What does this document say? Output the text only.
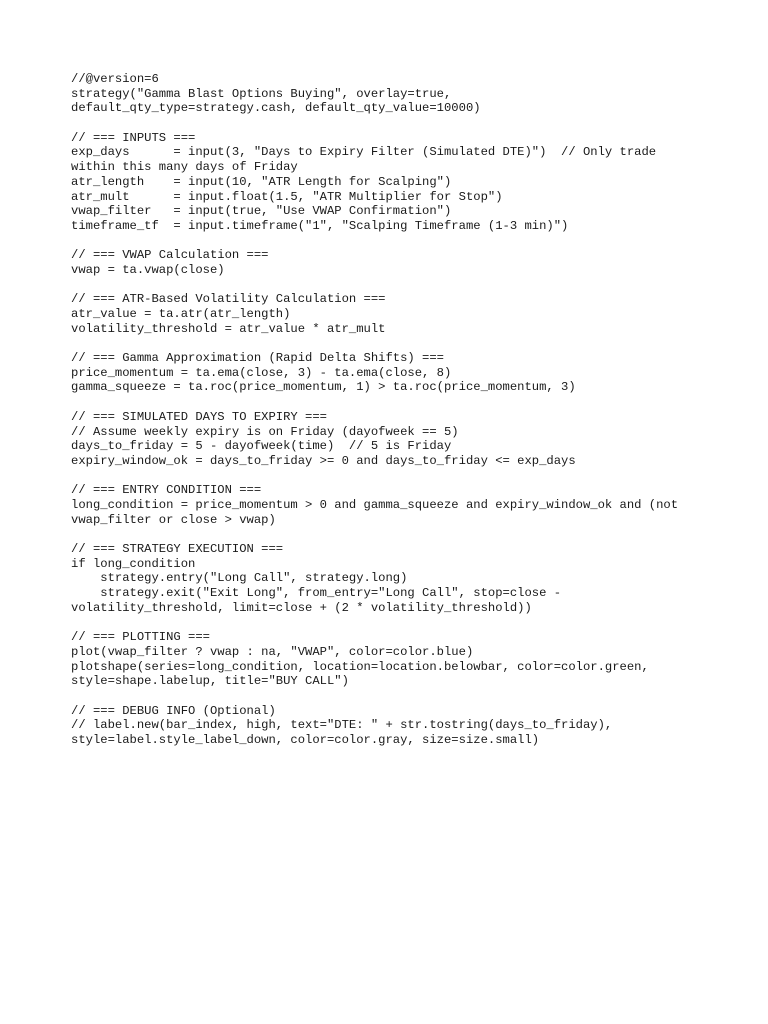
//@version=6
strategy("Gamma Blast Options Buying", overlay=true,
default_qty_type=strategy.cash, default_qty_value=10000)
// === INPUTS ===
exp_days      = input(3, "Days to Expiry Filter (Simulated DTE)")  // Only trade
within this many days of Friday
atr_length    = input(10, "ATR Length for Scalping")
atr_mult      = input.float(1.5, "ATR Multiplier for Stop")
vwap_filter   = input(true, "Use VWAP Confirmation")
timeframe_tf  = input.timeframe("1", "Scalping Timeframe (1-3 min)")
// === VWAP Calculation ===
vwap = ta.vwap(close)
// === ATR-Based Volatility Calculation ===
atr_value = ta.atr(atr_length)
volatility_threshold = atr_value * atr_mult
// === Gamma Approximation (Rapid Delta Shifts) ===
price_momentum = ta.ema(close, 3) - ta.ema(close, 8)
gamma_squeeze = ta.roc(price_momentum, 1) > ta.roc(price_momentum, 3)
// === SIMULATED DAYS TO EXPIRY ===
// Assume weekly expiry is on Friday (dayofweek == 5)
days_to_friday = 5 - dayofweek(time)  // 5 is Friday
expiry_window_ok = days_to_friday >= 0 and days_to_friday <= exp_days
// === ENTRY CONDITION ===
long_condition = price_momentum > 0 and gamma_squeeze and expiry_window_ok and (not
vwap_filter or close > vwap)
// === STRATEGY EXECUTION ===
if long_condition
strategy.entry("Long Call", strategy.long)
strategy.exit("Exit Long", from_entry="Long Call", stop=close -
volatility_threshold, limit=close + (2 * volatility_threshold))
// === PLOTTING ===
plot(vwap_filter ? vwap : na, "VWAP", color=color.blue)
plotshape(series=long_condition, location=location.belowbar, color=color.green,
style=shape.labelup, title="BUY CALL")
// === DEBUG INFO (Optional)
// label.new(bar_index, high, text="DTE: " + str.tostring(days_to_friday),
style=label.style_label_down, color=color.gray, size=size.small)
